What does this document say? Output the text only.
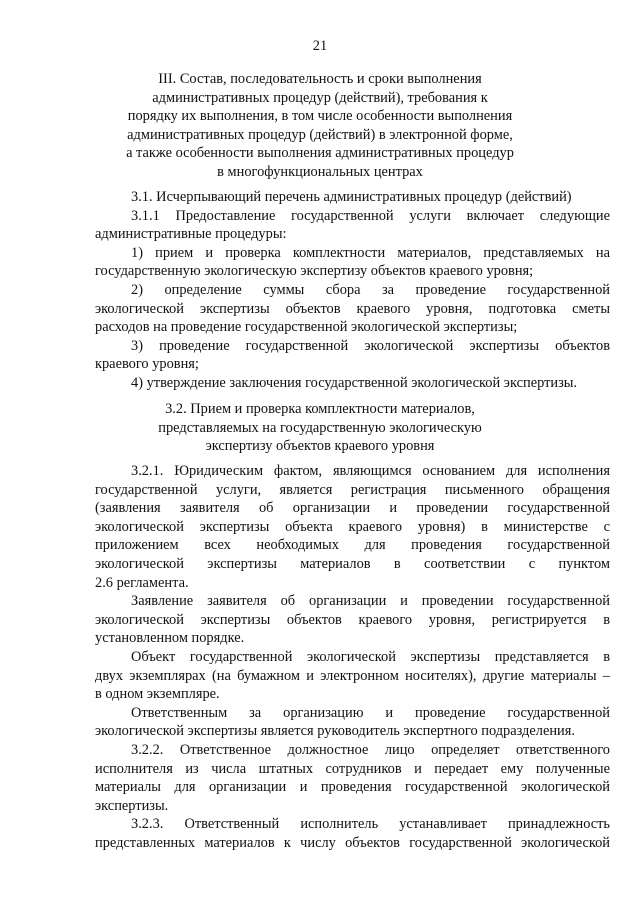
21
III. Состав, последовательность и сроки выполнения
административных процедур (действий), требования к
порядку их выполнения, в том числе особенности выполнения
административных процедур (действий) в электронной форме,
а также особенности выполнения административных процедур
в многофункциональных центрах
3.1. Исчерпывающий перечень административных процедур (действий)
3.1.1 Предоставление государственной услуги включает следующие
административные процедуры:
1) прием и проверка комплектности материалов, представляемых на
государственную экологическую экспертизу объектов краевого уровня;
2) определение суммы сбора за проведение государственной
экологической экспертизы объектов краевого уровня, подготовка сметы
расходов на проведение государственной экологической экспертизы;
3) проведение государственной экологической экспертизы объектов
краевого уровня;
4) утверждение заключения государственной экологической экспертизы.
3.2. Прием и проверка комплектности материалов,
представляемых на государственную экологическую
экспертизу объектов краевого уровня
3.2.1. Юридическим фактом, являющимся основанием для исполнения
государственной услуги, является регистрация письменного обращения
(заявления заявителя об организации и проведении государственной
экологической экспертизы объекта краевого уровня) в министерстве с
приложением всех необходимых для проведения государственной
экологической экспертизы материалов в соответствии с пунктом
2.6 регламента.
Заявление заявителя об организации и проведении государственной
экологической экспертизы объектов краевого уровня, регистрируется в
установленном порядке.
Объект государственной экологической экспертизы представляется в
двух экземплярах (на бумажном и электронном носителях), другие материалы –
в одном экземпляре.
Ответственным за организацию и проведение государственной
экологической экспертизы является руководитель экспертного подразделения.
3.2.2. Ответственное должностное лицо определяет ответственного
исполнителя из числа штатных сотрудников и передает ему полученные
материалы для организации и проведения государственной экологической
экспертизы.
3.2.3. Ответственный исполнитель устанавливает принадлежность
представленных материалов к числу объектов государственной экологической
